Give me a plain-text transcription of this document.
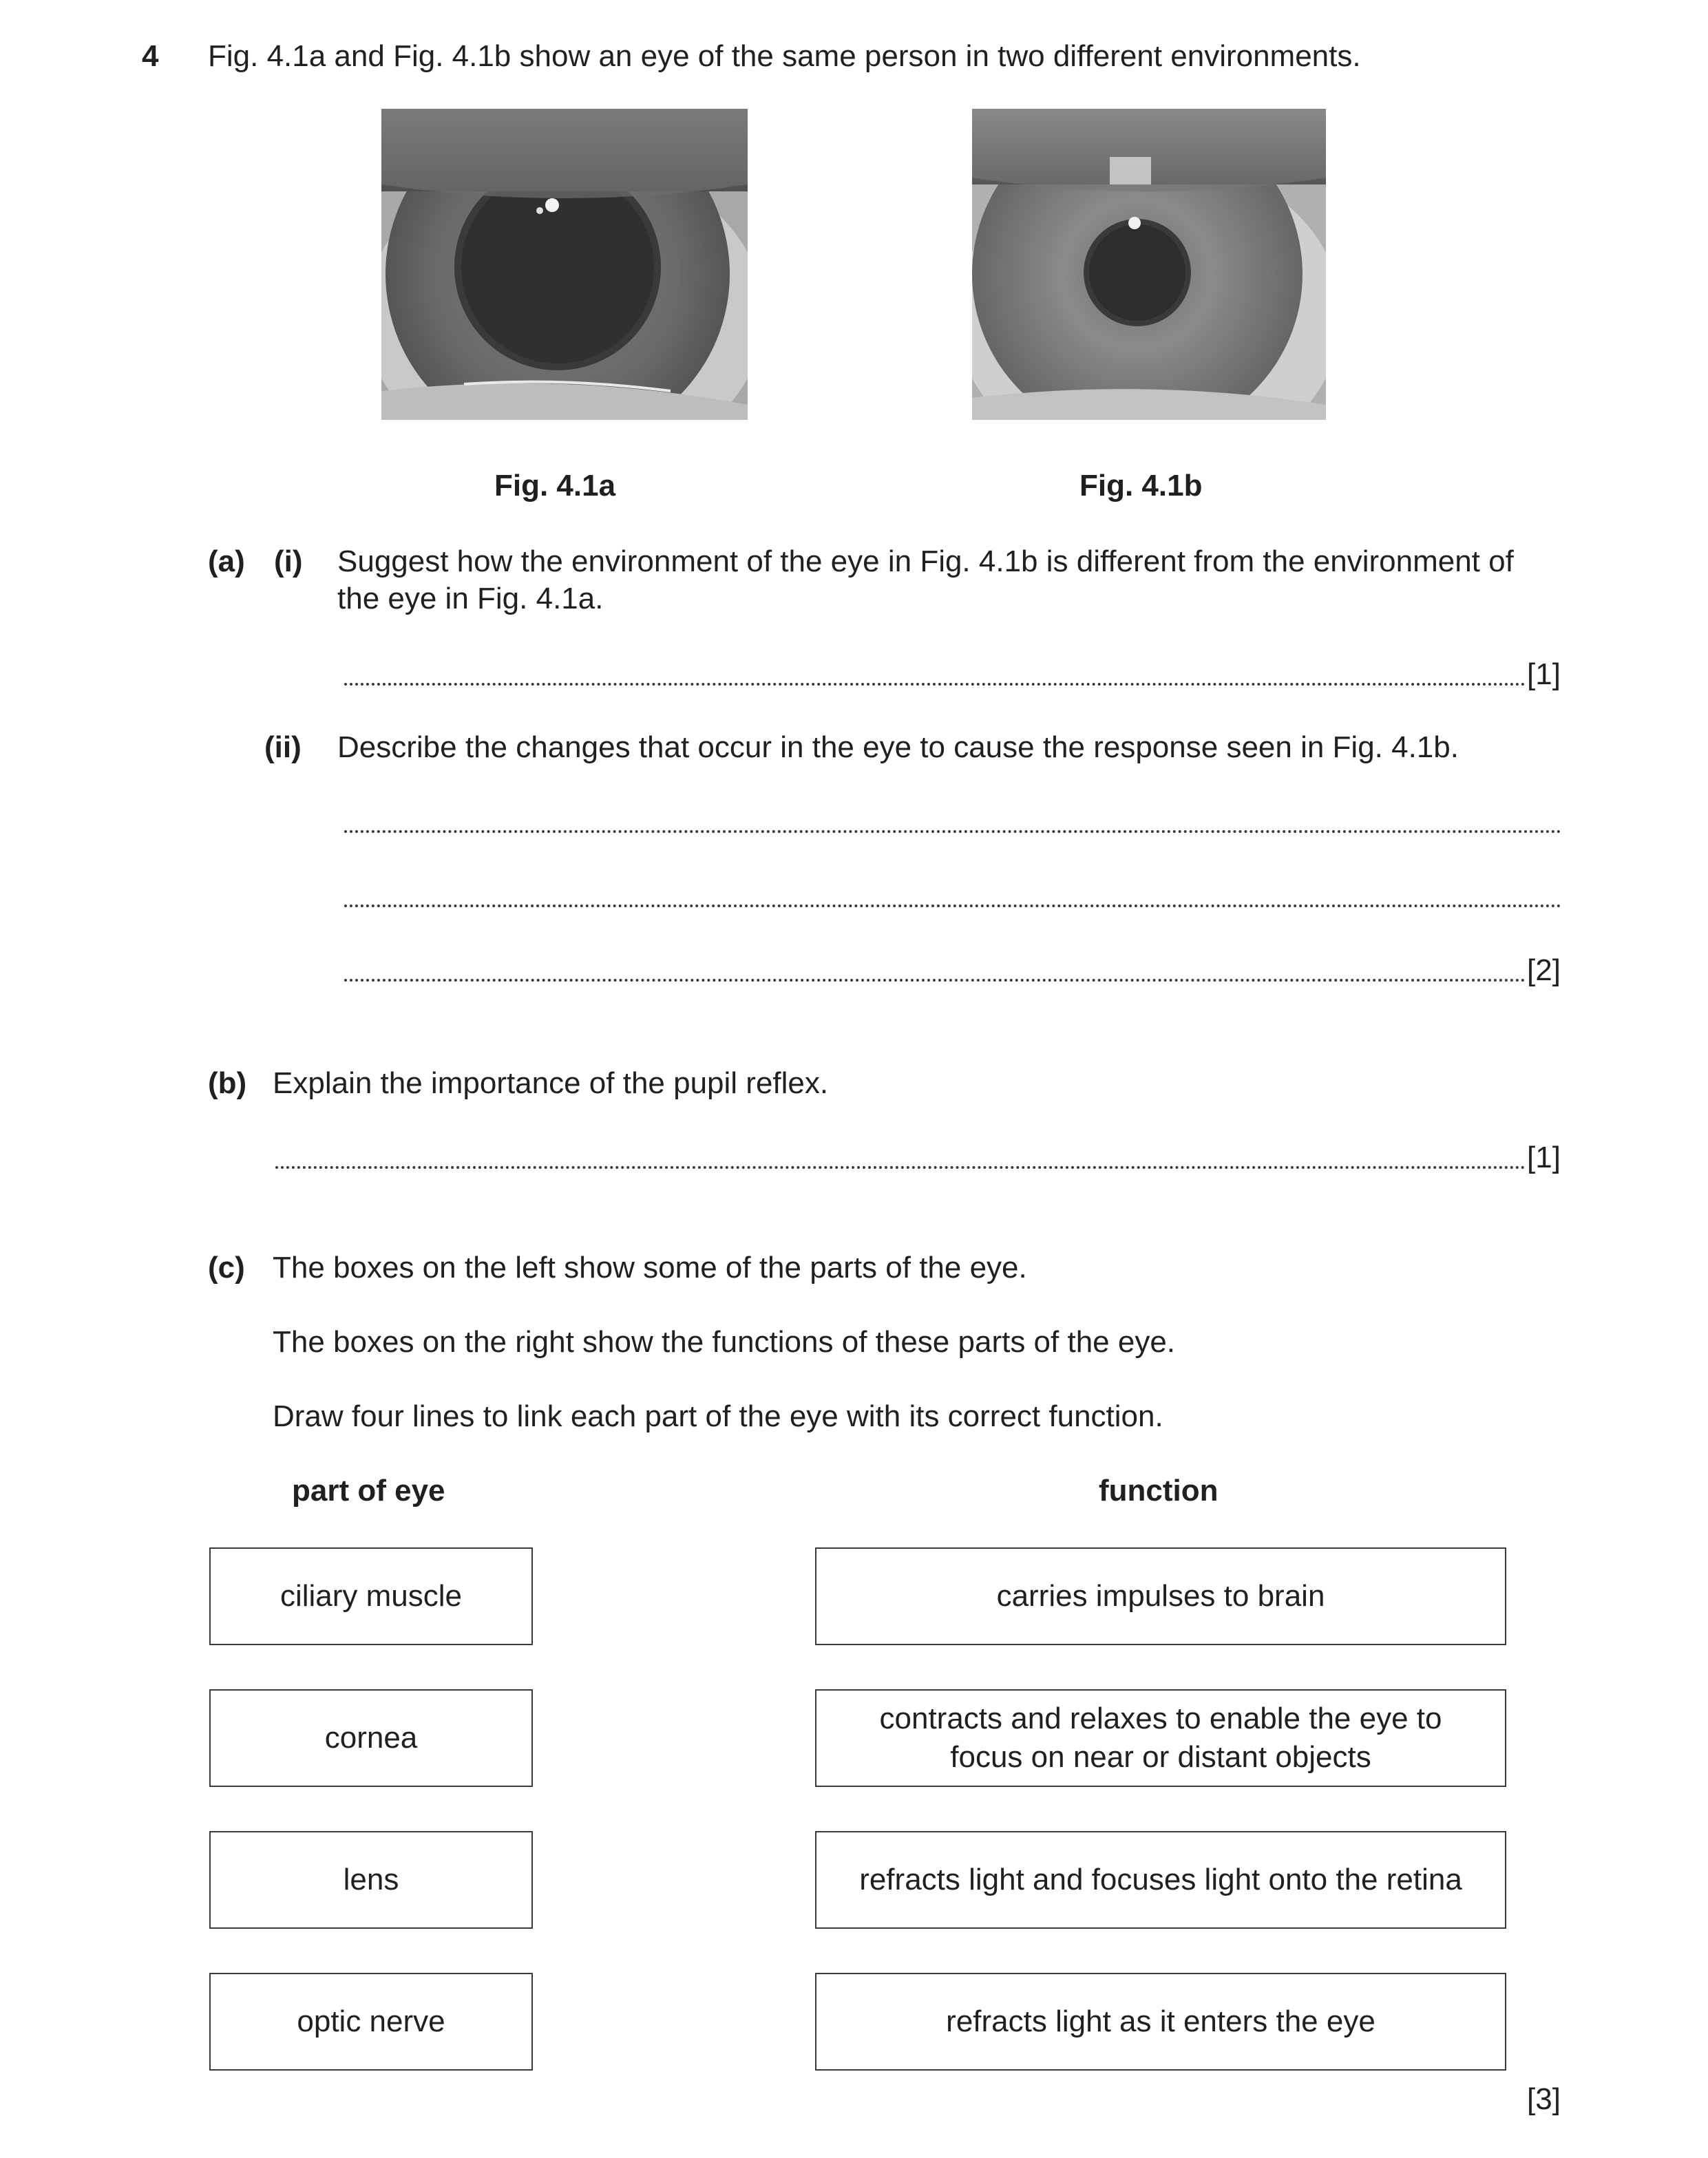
4 Fig. 4.1a and Fig. 4.1b show an eye of the same person in two different environments.
Fig. 4.1a	Fig. 4.1b
(a) (i) Suggest how the environment of the eye in Fig. 4.1b is different from the environment of
the eye in Fig. 4.1a.
[1]
(ii) Describe the changes that occur in the eye to cause the response seen in Fig. 4.1b.
[2]
(b) Explain the importance of the pupil reflex.
[1]
(c) The boxes on the left show some of the parts of the eye.
The boxes on the right show the functions of these parts of the eye.
Draw four lines to link each part of the eye with its correct function.
part of eye	function
ciliary muscle
cornea
lens
optic nerve
carries impulses to brain
contracts and relaxes to enable the eye to
focus on near or distant objects
refracts light and focuses light onto the retina
refracts light as it enters the eye
[3]
